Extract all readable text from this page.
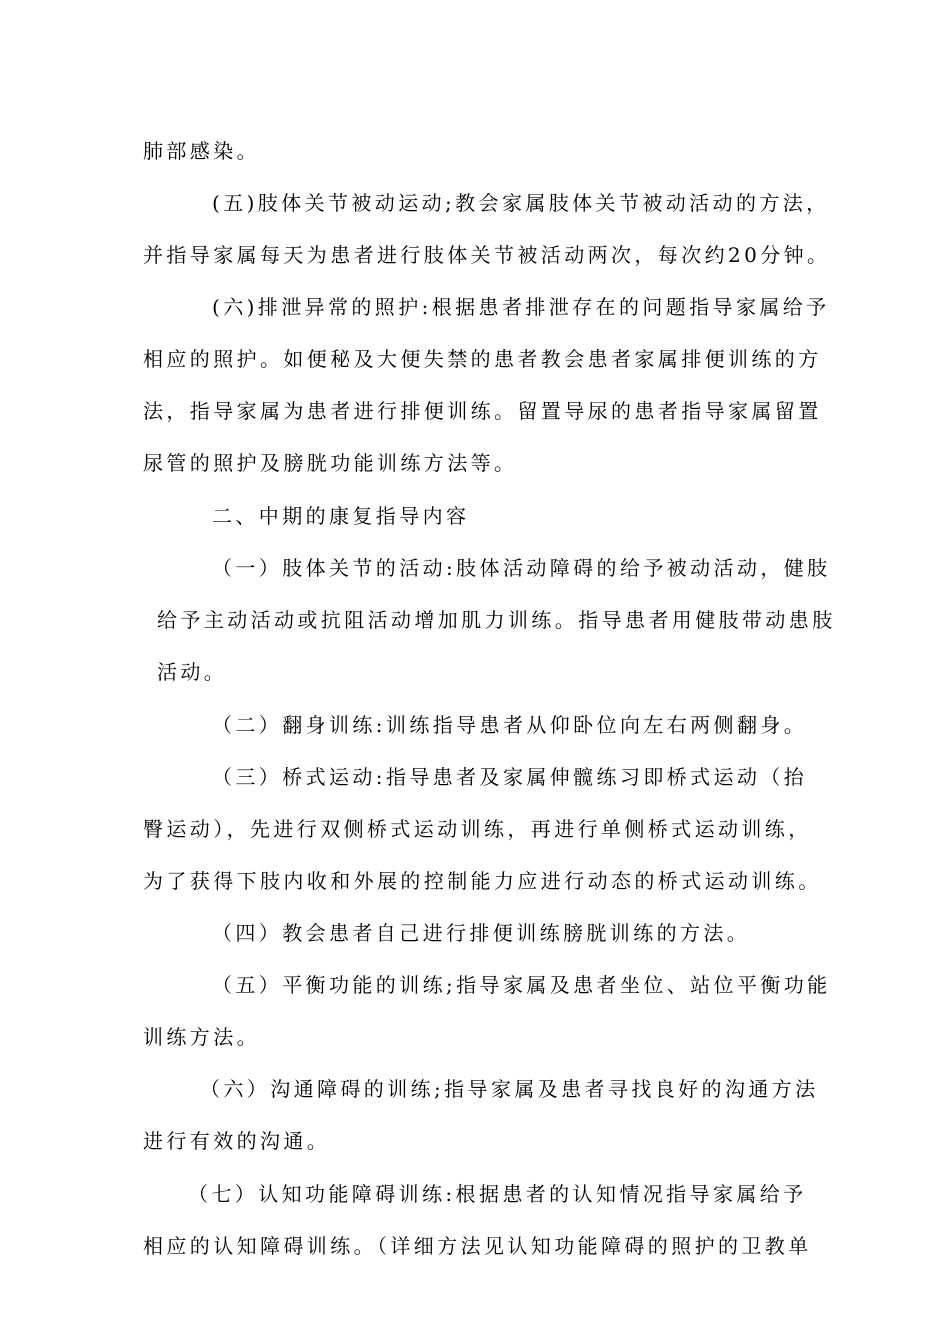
肺部感染。
(五)肢体关节被动运动;教会家属肢体关节被动活动的方法，
并指导家属每天为患者进行肢体关节被活动两次，每次约20分钟。
(六)排泄异常的照护:根据患者排泄存在的问题指导家属给予
相应的照护。如便秘及大便失禁的患者教会患者家属排便训练的方
法，指导家属为患者进行排便训练。留置导尿的患者指导家属留置
尿管的照护及膀胱功能训练方法等。
二、中期的康复指导内容
（一）肢体关节的活动:肢体活动障碍的给予被动活动，健肢
给予主动活动或抗阻活动增加肌力训练。指导患者用健肢带动患肢
活动。
（二）翻身训练:训练指导患者从仰卧位向左右两侧翻身。
（三）桥式运动:指导患者及家属伸髋练习即桥式运动（抬
臀运动），先进行双侧桥式运动训练，再进行单侧桥式运动训练，
为了获得下肢内收和外展的控制能力应进行动态的桥式运动训练。
（四）教会患者自己进行排便训练膀胱训练的方法。
（五）平衡功能的训练;指导家属及患者坐位、站位平衡功能
训练方法。
（六）沟通障碍的训练;指导家属及患者寻找良好的沟通方法
进行有效的沟通。
（七）认知功能障碍训练:根据患者的认知情况指导家属给予
相应的认知障碍训练。（详细方法见认知功能障碍的照护的卫教单
